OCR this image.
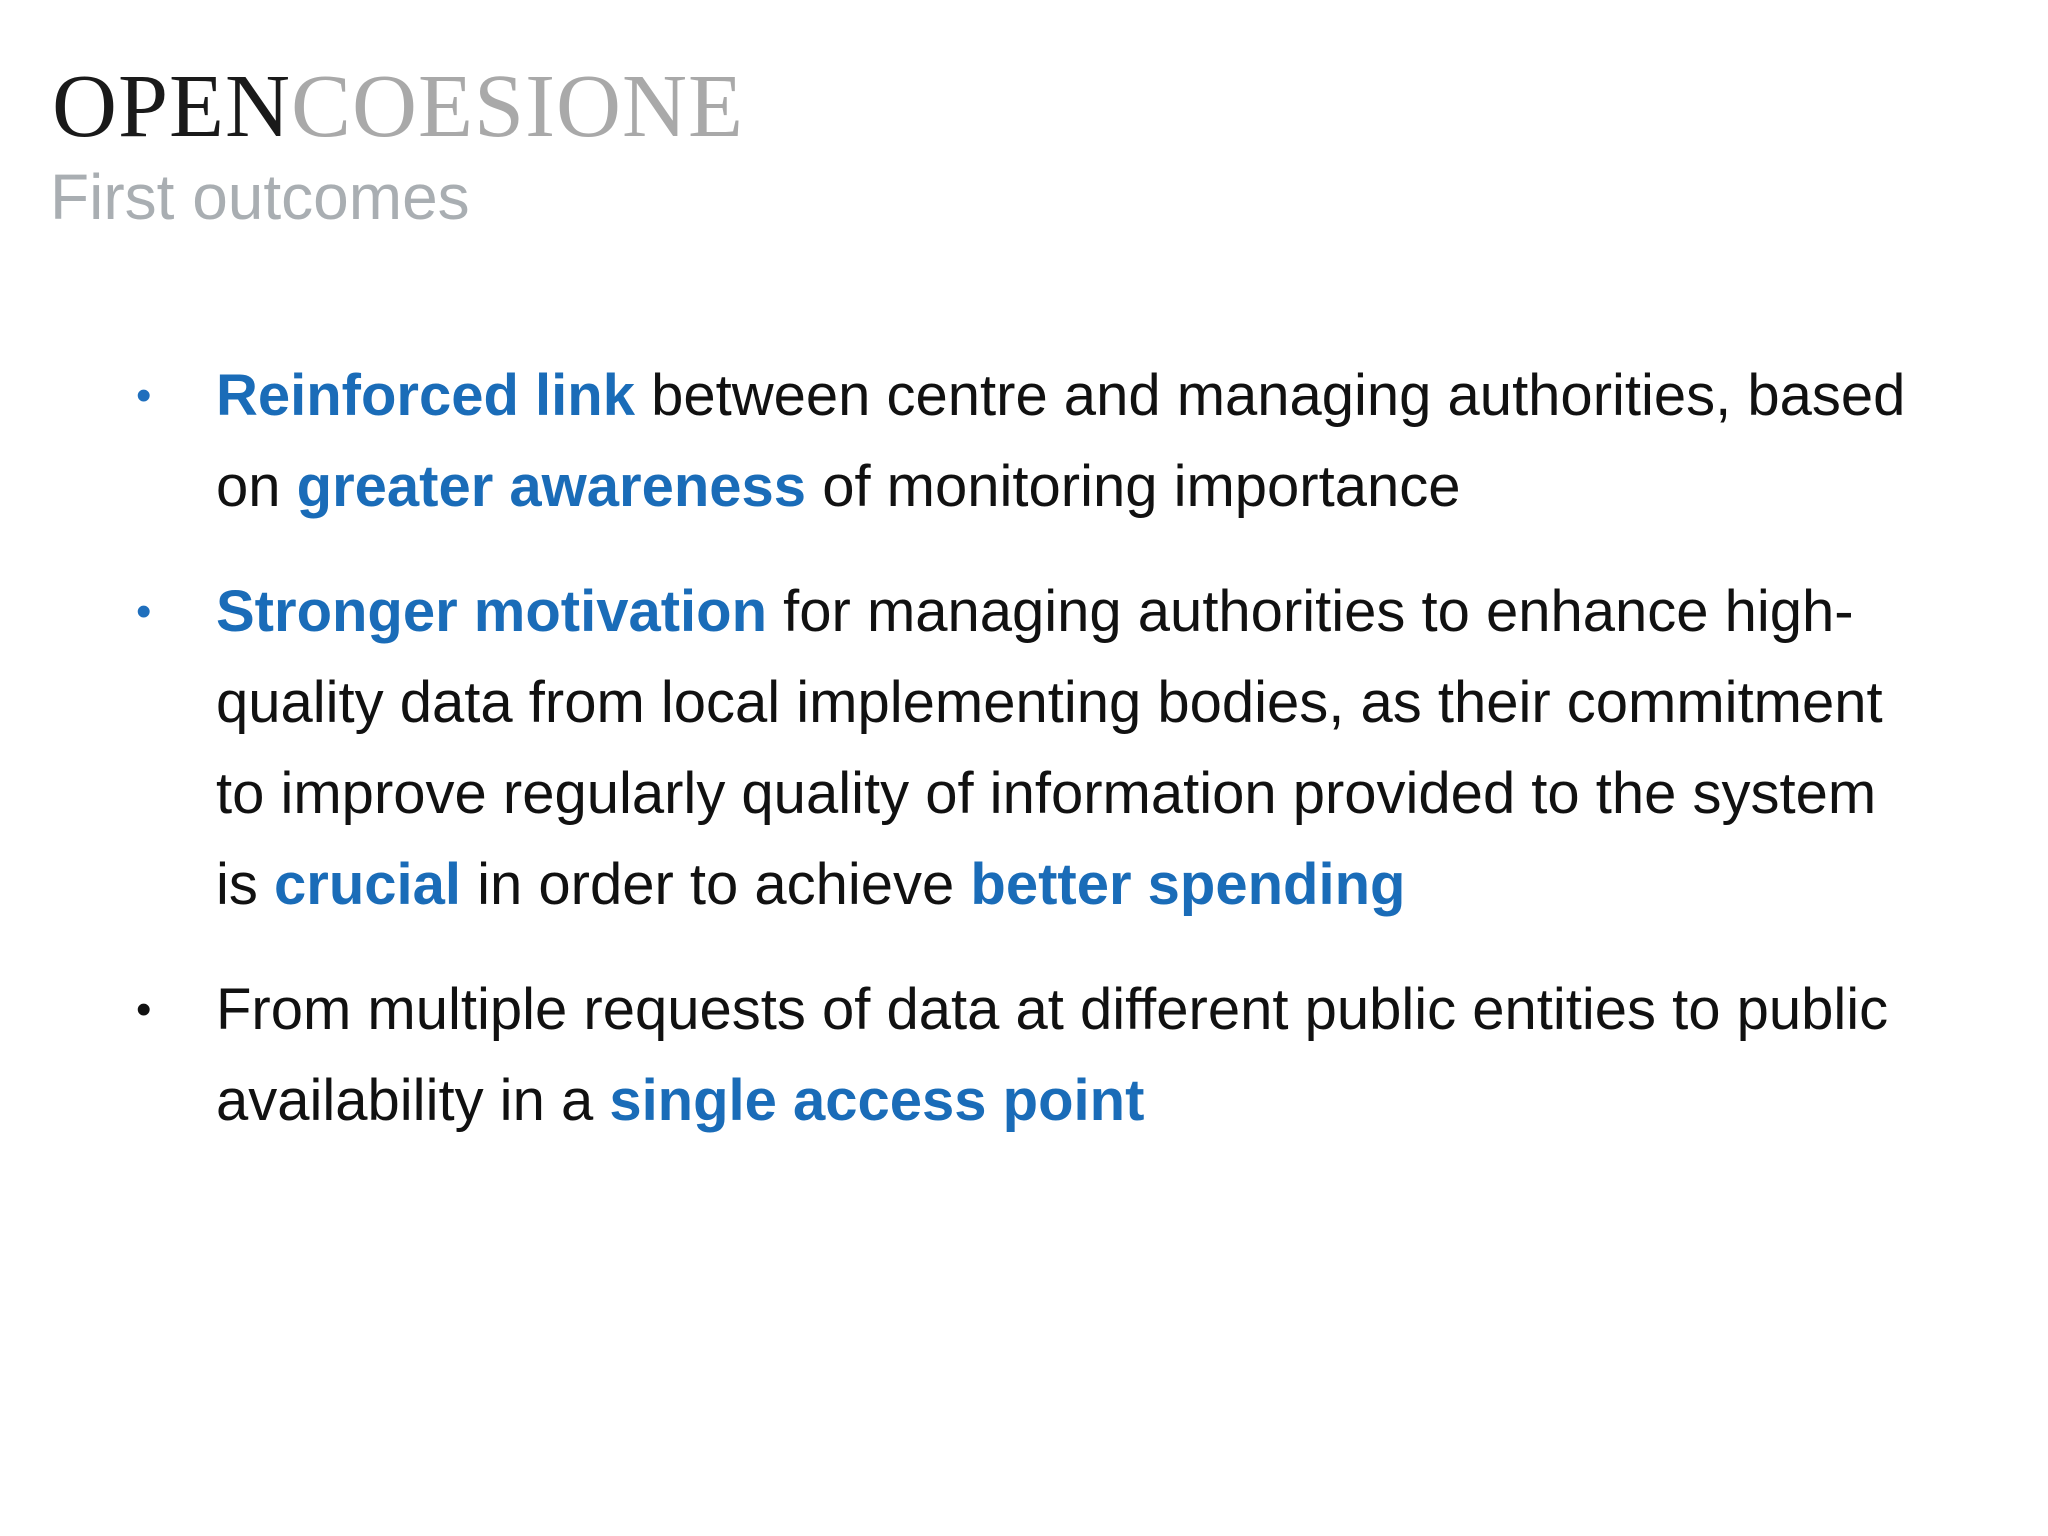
OPENCOESIONE
First outcomes
•	Reinforced link between centre and managing authorities, based on greater awareness of monitoring importance
•	Stronger motivation for managing authorities to enhance high-quality data from local implementing bodies, as their commitment to improve regularly quality of information provided to the system is crucial in order to achieve better spending
•	From multiple requests of data at different public entities to public availability in a single access point
